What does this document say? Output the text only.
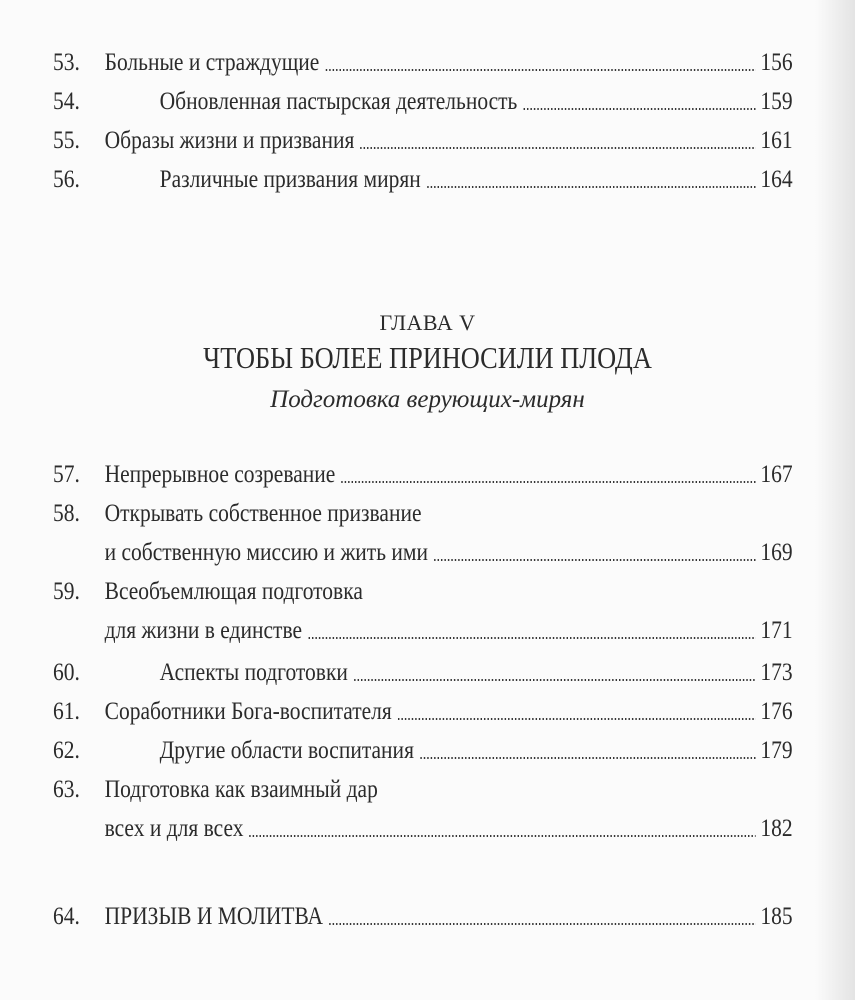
53. Больные и страждущие	156
54.	Обновленная пастырская деятельность	159
55. Образы жизни и призвания	161
56.	Различные призвания мирян	164
ГЛАВА V
ЧТОБЫ БОЛЕЕ ПРИНОСИЛИ ПЛОДА
Подготовка верующих-мирян
57. Непрерывное созревание	167
58. Открывать собственное призвание
и собственную миссию и жить ими	169
59. Всеобъемлющая подготовка
для жизни в единстве	171
60.	Аспекты подготовки	173
61. Соработники Бога-воспитателя	176
62.	Другие области воспитания	179
63. Подготовка как взаимный дар
всех и для всех	182
64. ПРИЗЫВ И МОЛИТВА	185
